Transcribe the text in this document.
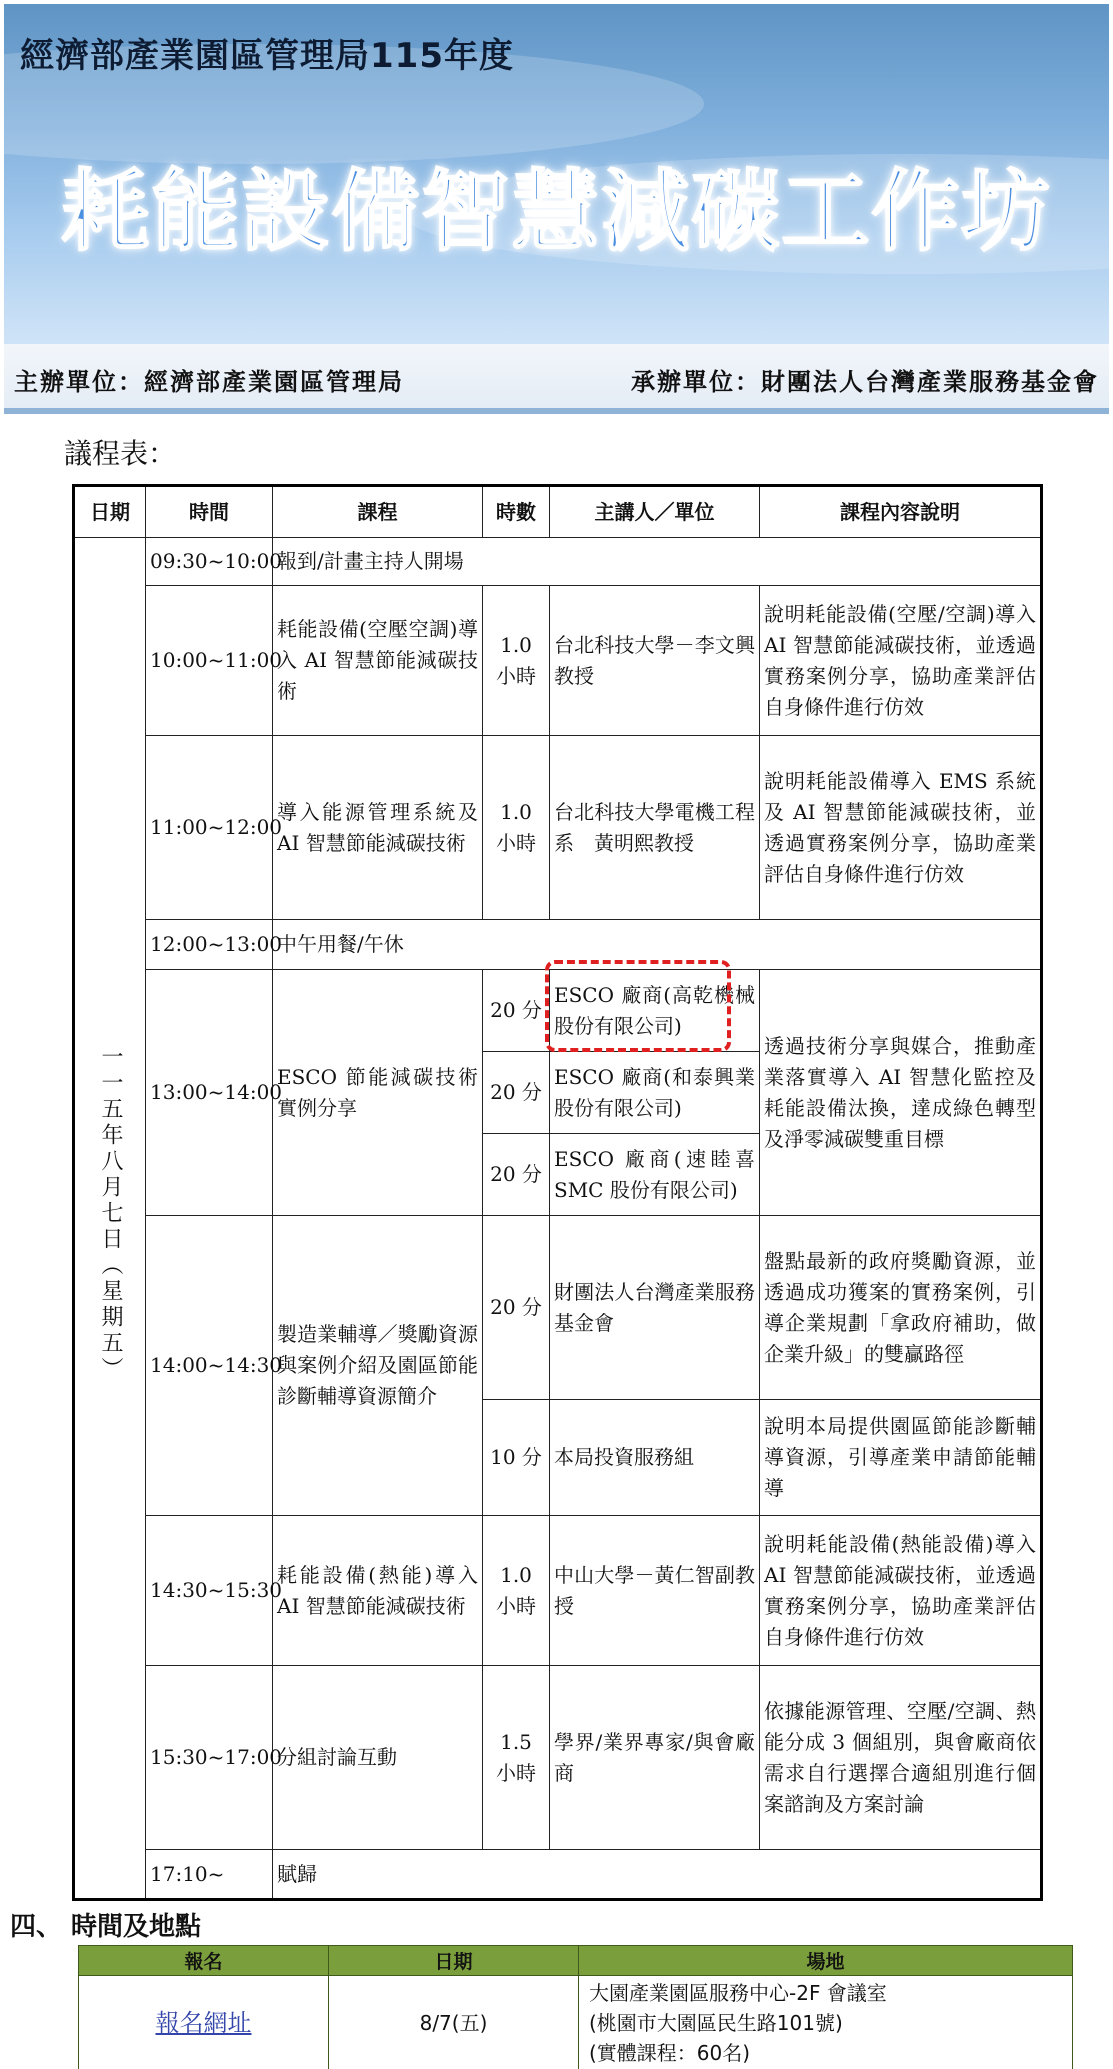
經濟部產業園區管理局115年度
耗能設備智慧減碳工作坊
主辦單位：經濟部產業園區管理局	承辦單位：財團法人台灣產業服務基金會
議程表：
日期	時間	課程	時數	主講人／單位	課程內容說明
一一五年八月七日（星期五）	09:30~10:00	報到/計畫主持人開場			
	10:00~11:00	耗能設備(空壓空調)導入 AI 智慧節能減碳技術	1.0 小時	台北科技大學－李文興教授	說明耗能設備(空壓/空調)導入 AI 智慧節能減碳技術，並透過實務案例分享，協助產業評估自身條件進行仿效
	11:00~12:00	導入能源管理系統及 AI 智慧節能減碳技術	1.0 小時	台北科技大學電機工程系　黃明熙教授	說明耗能設備導入 EMS 系統及 AI 智慧節能減碳技術，並透過實務案例分享，協助產業評估自身條件進行仿效
	12:00~13:00	中午用餐/午休			
	13:00~14:00	ESCO 節能減碳技術實例分享	20 分	ESCO 廠商(高乾機械股份有限公司)	透過技術分享與媒合，推動產業落實導入 AI 智慧化監控及耗能設備汰換，達成綠色轉型及淨零減碳雙重目標
			20 分	ESCO 廠商(和泰興業股份有限公司)	
			20 分	ESCO 廠商(速睦喜 SMC 股份有限公司)	
	14:00~14:30	製造業輔導／獎勵資源與案例介紹及園區節能診斷輔導資源簡介	20 分	財團法人台灣產業服務基金會	盤點最新的政府獎勵資源，並透過成功獲案的實務案例，引導企業規劃「拿政府補助，做企業升級」的雙贏路徑
			10 分	本局投資服務組	說明本局提供園區節能診斷輔導資源，引導產業申請節能輔導
	14:30~15:30	耗能設備(熱能)導入 AI 智慧節能減碳技術	1.0 小時	中山大學－黃仁智副教授	說明耗能設備(熱能設備)導入 AI 智慧節能減碳技術，並透過實務案例分享，協助產業評估自身條件進行仿效
	15:30~17:00	分組討論互動	1.5 小時	學界/業界專家/與會廠商	依據能源管理、空壓/空調、熱能分成 3 個組別，與會廠商依需求自行選擇合適組別進行個案諮詢及方案討論
	17:10~	賦歸			
四、 時間及地點
報名	日期	場地
報名網址	8/7(五)	大園產業園區服務中心-2F 會議室
(桃園市大園區民生路101號)
(實體課程：60名)
